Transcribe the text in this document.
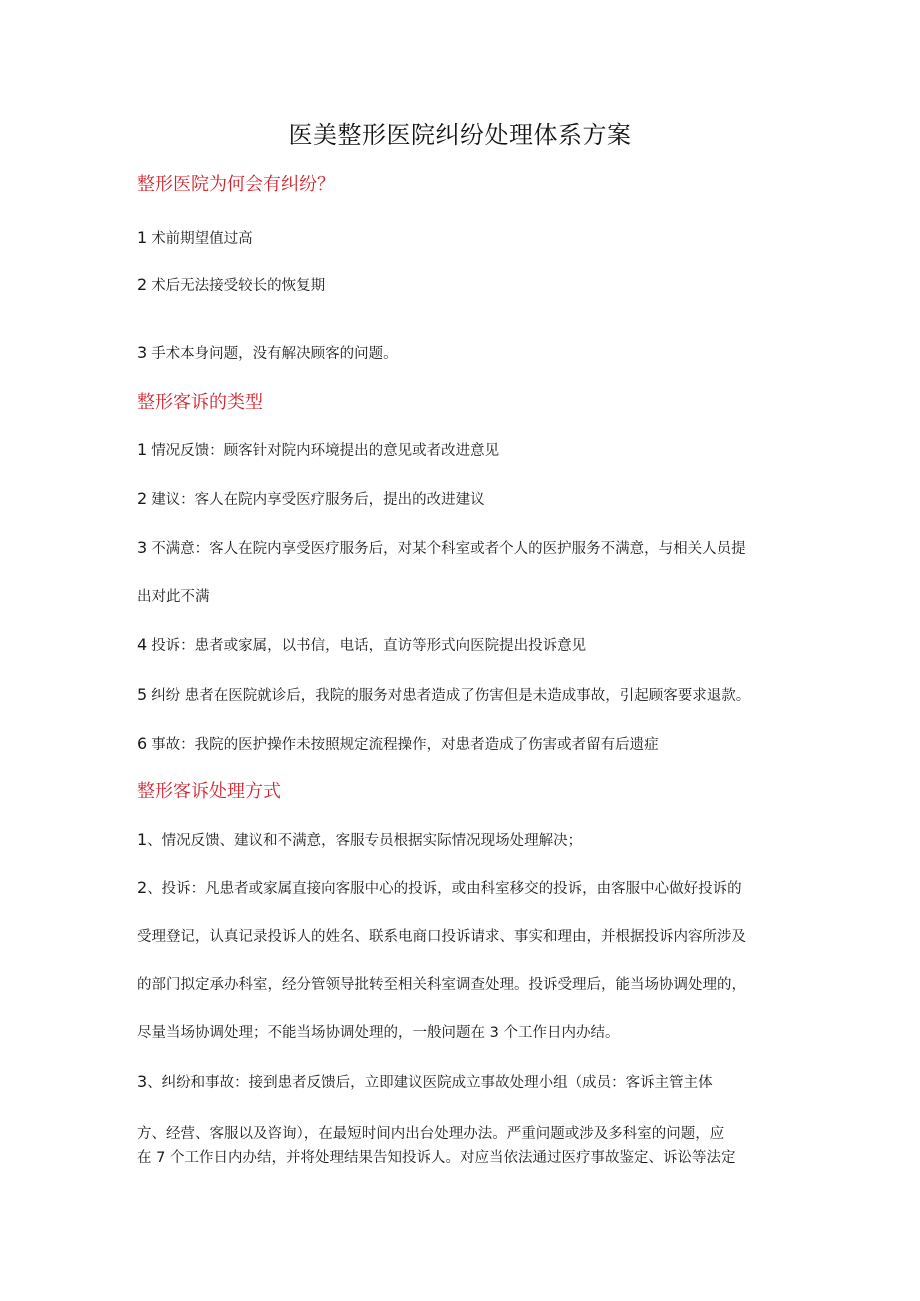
医美整形医院纠纷处理体系方案
整形医院为何会有纠纷？
1 术前期望值过高
2 术后无法接受较长的恢复期
3 手术本身问题，没有解决顾客的问题。
整形客诉的类型
1 情况反馈：顾客针对院内环境提出的意见或者改进意见
2 建议：客人在院内享受医疗服务后，提出的改进建议
3 不满意：客人在院内享受医疗服务后，对某个科室或者个人的医护服务不满意，与相关人员提
出对此不满
4 投诉：患者或家属，以书信，电话，直访等形式向医院提出投诉意见
5 纠纷 患者在医院就诊后，我院的服务对患者造成了伤害但是未造成事故，引起顾客要求退款。
6 事故：我院的医护操作未按照规定流程操作，对患者造成了伤害或者留有后遗症
整形客诉处理方式
1、情况反馈、建议和不满意，客服专员根据实际情况现场处理解决；
2、投诉：凡患者或家属直接向客服中心的投诉，或由科室移交的投诉，由客服中心做好投诉的
受理登记，认真记录投诉人的姓名、联系电商口投诉请求、事实和理由，并根据投诉内容所涉及
的部门拟定承办科室，经分管领导批转至相关科室调查处理。投诉受理后，能当场协调处理的，
尽量当场协调处理；不能当场协调处理的，一般问题在 3 个工作日内办结。
3、纠纷和事故：接到患者反馈后，立即建议医院成立事故处理小组（成员：客诉主管主体
方、经营、客服以及咨询），在最短时间内出台处理办法。严重问题或涉及多科室的问题，应
在 7 个工作日内办结，并将处理结果告知投诉人。对应当依法通过医疗事故鉴定、诉讼等法定
